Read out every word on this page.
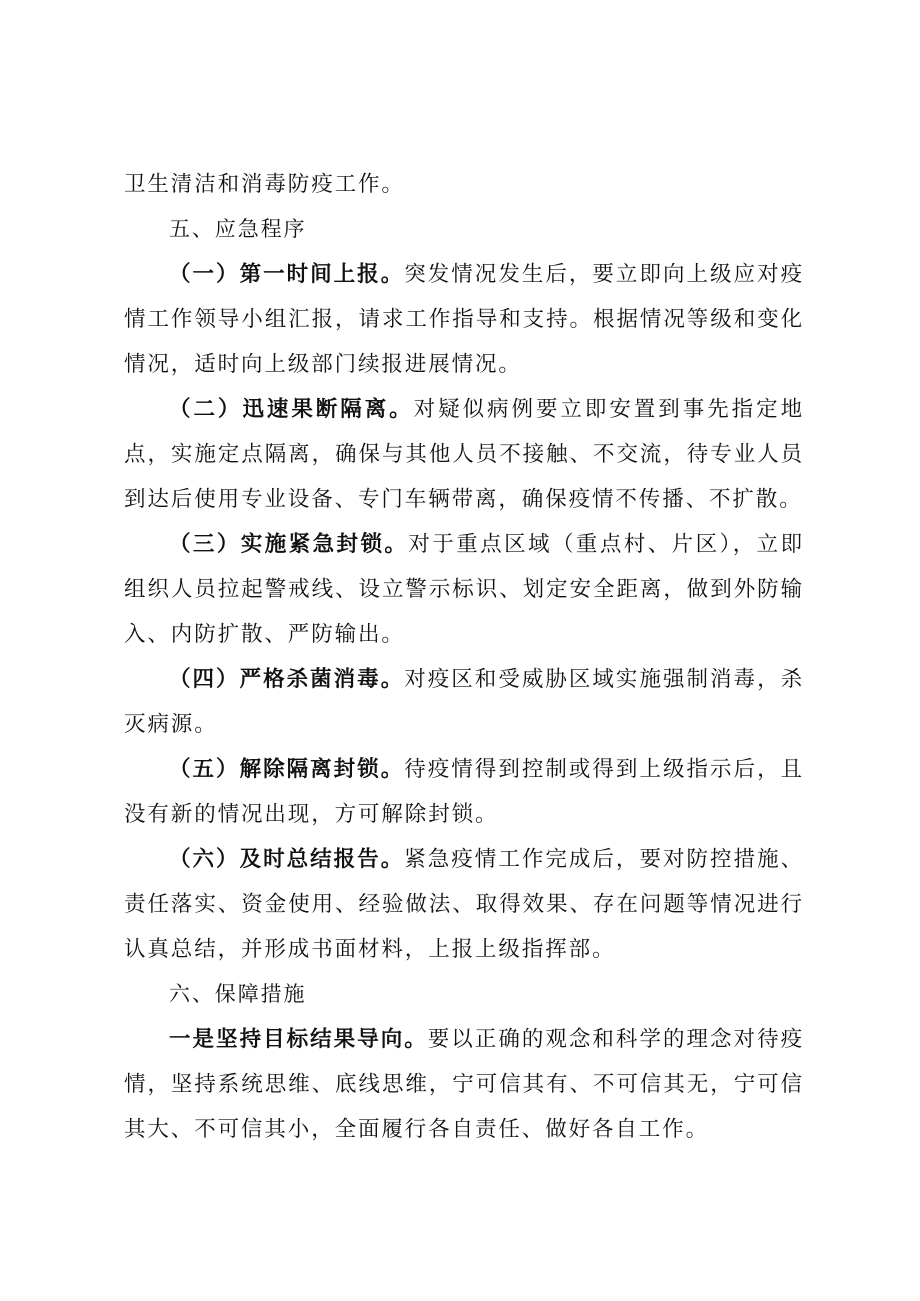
卫生清洁和消毒防疫工作。

五、应急程序

（一）第一时间上报。突发情况发生后，要立即向上级应对疫情工作领导小组汇报，请求工作指导和支持。根据情况等级和变化情况，适时向上级部门续报进展情况。

（二）迅速果断隔离。对疑似病例要立即安置到事先指定地点，实施定点隔离，确保与其他人员不接触、不交流，待专业人员到达后使用专业设备、专门车辆带离，确保疫情不传播、不扩散。

（三）实施紧急封锁。对于重点区域（重点村、片区），立即组织人员拉起警戒线、设立警示标识、划定安全距离，做到外防输入、内防扩散、严防输出。

（四）严格杀菌消毒。对疫区和受威胁区域实施强制消毒，杀灭病源。

（五）解除隔离封锁。待疫情得到控制或得到上级指示后，且没有新的情况出现，方可解除封锁。

（六）及时总结报告。紧急疫情工作完成后，要对防控措施、责任落实、资金使用、经验做法、取得效果、存在问题等情况进行认真总结，并形成书面材料，上报上级指挥部。

六、保障措施

一是坚持目标结果导向。要以正确的观念和科学的理念对待疫情，坚持系统思维、底线思维，宁可信其有、不可信其无，宁可信其大、不可信其小，全面履行各自责任、做好各自工作。
